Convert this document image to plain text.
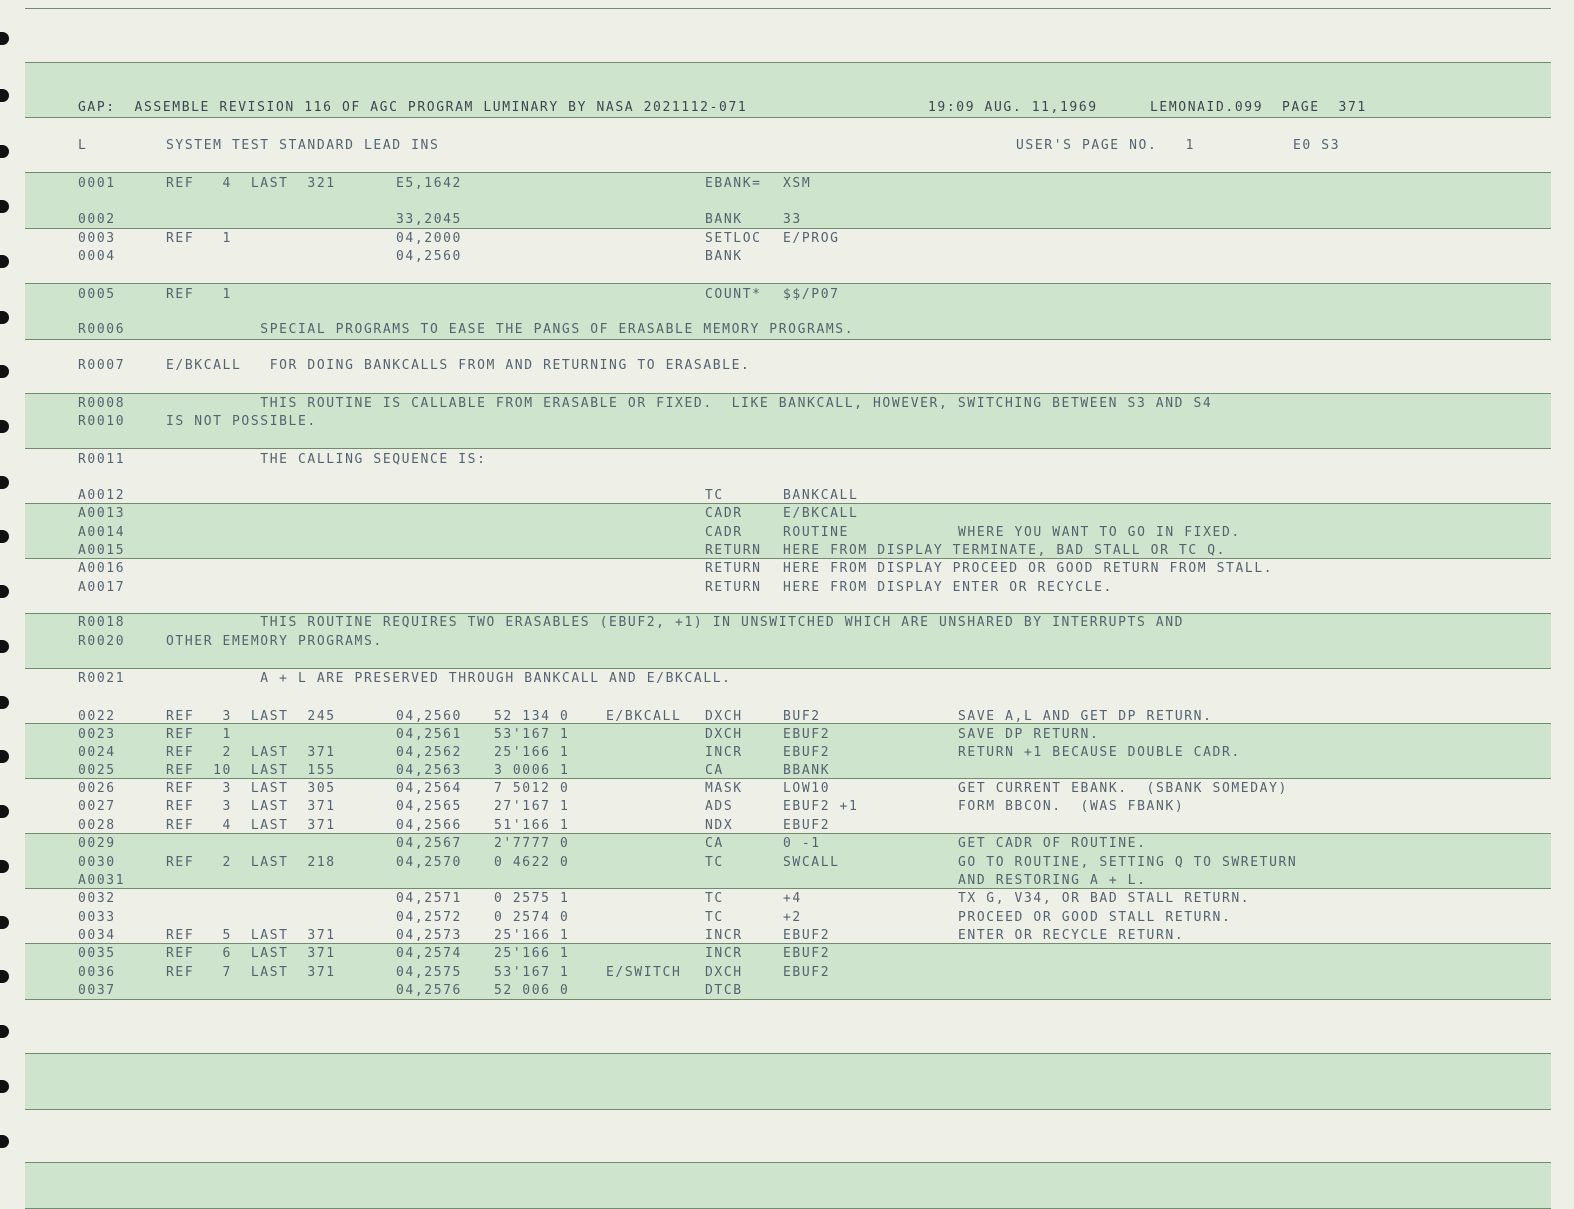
GAP:  ASSEMBLE REVISION 116 OF AGC PROGRAM LUMINARY BY NASA 2021112-071	19:09 AUG. 11,1969	LEMONAID.099  PAGE  371
L	SYSTEM TEST STANDARD LEAD INS	USER'S PAGE NO.   1	E0 S3
0001	REF   4  LAST  321	E5,1642	EBANK= XSM
0002	33,2045	BANK	33
0003	REF   1	04,2000	SETLOC E/PROG
0004	04,2560	BANK
0005	REF   1	COUNT* $$/P07
R0006	SPECIAL PROGRAMS TO EASE THE PANGS OF ERASABLE MEMORY PROGRAMS.
R0007	E/BKCALL   FOR DOING BANKCALLS FROM AND RETURNING TO ERASABLE.
R0008	THIS ROUTINE IS CALLABLE FROM ERASABLE OR FIXED.  LIKE BANKCALL, HOWEVER, SWITCHING BETWEEN S3 AND S4
R0010	IS NOT POSSIBLE.
R0011	THE CALLING SEQUENCE IS:
A0012	TC	BANKCALL
A0013	CADR	E/BKCALL
A0014	CADR	ROUTINE	WHERE YOU WANT TO GO IN FIXED.
A0015	RETURN HERE FROM DISPLAY TERMINATE, BAD STALL OR TC Q.
A0016	RETURN HERE FROM DISPLAY PROCEED OR GOOD RETURN FROM STALL.
A0017	RETURN HERE FROM DISPLAY ENTER OR RECYCLE.
R0018	THIS ROUTINE REQUIRES TWO ERASABLES (EBUF2, +1) IN UNSWITCHED WHICH ARE UNSHARED BY INTERRUPTS AND
R0020	OTHER EMEMORY PROGRAMS.
R0021	A + L ARE PRESERVED THROUGH BANKCALL AND E/BKCALL.
0022	REF   3  LAST  245	04,2560 52 134 0	E/BKCALL DXCH	BUF2	SAVE A,L AND GET DP RETURN.
0023	REF   1	04,2561 53'167 1	DXCH	EBUF2	SAVE DP RETURN.
0024	REF   2  LAST  371	04,2562 25'166 1	INCR	EBUF2	RETURN +1 BECAUSE DOUBLE CADR.
0025	REF  10  LAST  155	04,2563 3 0006 1	CA	BBANK
0026	REF   3  LAST  305	04,2564 7 5012 0	MASK	LOW10	GET CURRENT EBANK.  (SBANK SOMEDAY)
0027	REF   3  LAST  371	04,2565 27'167 1	ADS	EBUF2 +1	FORM BBCON.  (WAS FBANK)
0028	REF   4  LAST  371	04,2566 51'166 1	NDX	EBUF2
0029	04,2567 2'7777 0	CA	0 -1	GET CADR OF ROUTINE.
0030	REF   2  LAST  218	04,2570 0 4622 0	TC	SWCALL	GO TO ROUTINE, SETTING Q TO SWRETURN
A0031	AND RESTORING A + L.
0032	04,2571 0 2575 1	TC	+4	TX G, V34, OR BAD STALL RETURN.
0033	04,2572 0 2574 0	TC	+2	PROCEED OR GOOD STALL RETURN.
0034	REF   5  LAST  371	04,2573 25'166 1	INCR	EBUF2	ENTER OR RECYCLE RETURN.
0035	REF   6  LAST  371	04,2574 25'166 1	INCR	EBUF2
0036	REF   7  LAST  371	04,2575 53'167 1	E/SWITCH DXCH	EBUF2
0037	04,2576 52 006 0	DTCB
